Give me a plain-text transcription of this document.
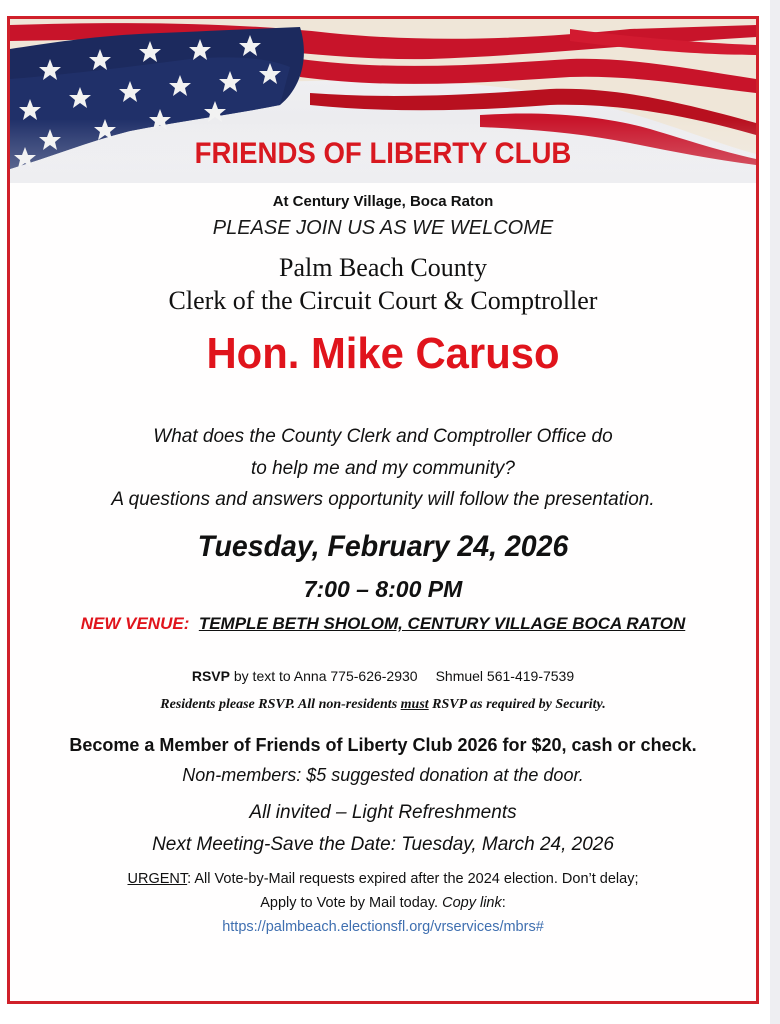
FRIENDS OF LIBERTY CLUB
At Century Village, Boca Raton
PLEASE JOIN US AS WE WELCOME
Palm Beach County
Clerk of the Circuit Court & Comptroller
Hon. Mike Caruso
What does the County Clerk and Comptroller Office do
to help me and my community?
A questions and answers opportunity will follow the presentation.
Tuesday, February 24, 2026
7:00 – 8:00 PM
NEW VENUE: TEMPLE BETH SHOLOM, CENTURY VILLAGE BOCA RATON
RSVP by text to Anna 775-626-2930 Shmuel 561-419-7539
Residents please RSVP. All non-residents must RSVP as required by Security.
Become a Member of Friends of Liberty Club 2026 for $20, cash or check.
Non-members: $5 suggested donation at the door.
All invited – Light Refreshments
Next Meeting-Save the Date: Tuesday, March 24, 2026
URGENT: All Vote-by-Mail requests expired after the 2024 election. Don’t delay;
Apply to Vote by Mail today. Copy link:
https://palmbeach.electionsfl.org/vrservices/mbrs#
